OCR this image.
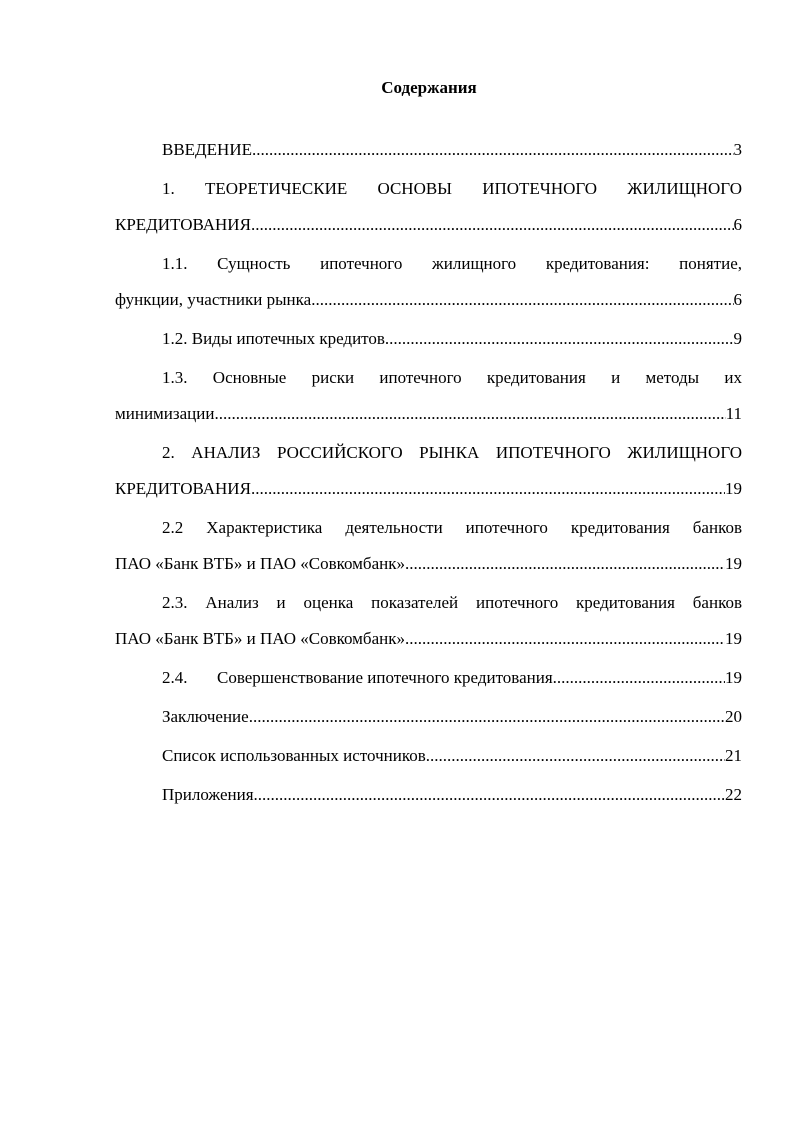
Содержания
ВВЕДЕНИЕ .....	3
1. ТЕОРЕТИЧЕСКИЕ ОСНОВЫ ИПОТЕЧНОГО ЖИЛИЩНОГО
КРЕДИТОВАНИЯ .....	6
1.1. Сущность ипотечного жилищного кредитования: понятие,
функции, участники рынка .....	6
1.2. Виды ипотечных кредитов .....	9
1.3. Основные риски ипотечного кредитования и методы их
минимизации .....	11
2. АНАЛИЗ РОССИЙСКОГО РЫНКА ИПОТЕЧНОГО ЖИЛИЩНОГО
КРЕДИТОВАНИЯ .....	19
2.2 Характеристика деятельности ипотечного кредитования банков
ПАО «Банк ВТБ» и ПАО «Совкомбанк» .....	19
2.3. Анализ и оценка показателей ипотечного кредитования банков
ПАО «Банк ВТБ» и ПАО «Совкомбанк» .....	19
2.4. Совершенствование ипотечного кредитования .....	19
Заключение .....	20
Список использованных источников .....	21
Приложения .....	22
